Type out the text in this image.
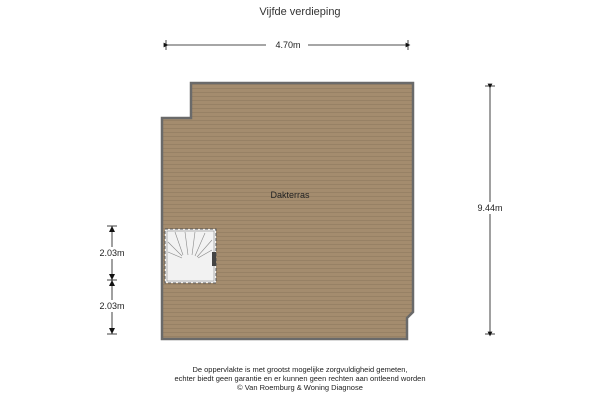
Vijfde verdieping
4.70m
9.44m
2.03m
2.03m
Dakterras
De oppervlakte is met grootst mogelijke zorgvuldigheid gemeten,
echter biedt geen garantie en er kunnen geen rechten aan ontleend worden
© Van Roemburg & Woning Diagnose
